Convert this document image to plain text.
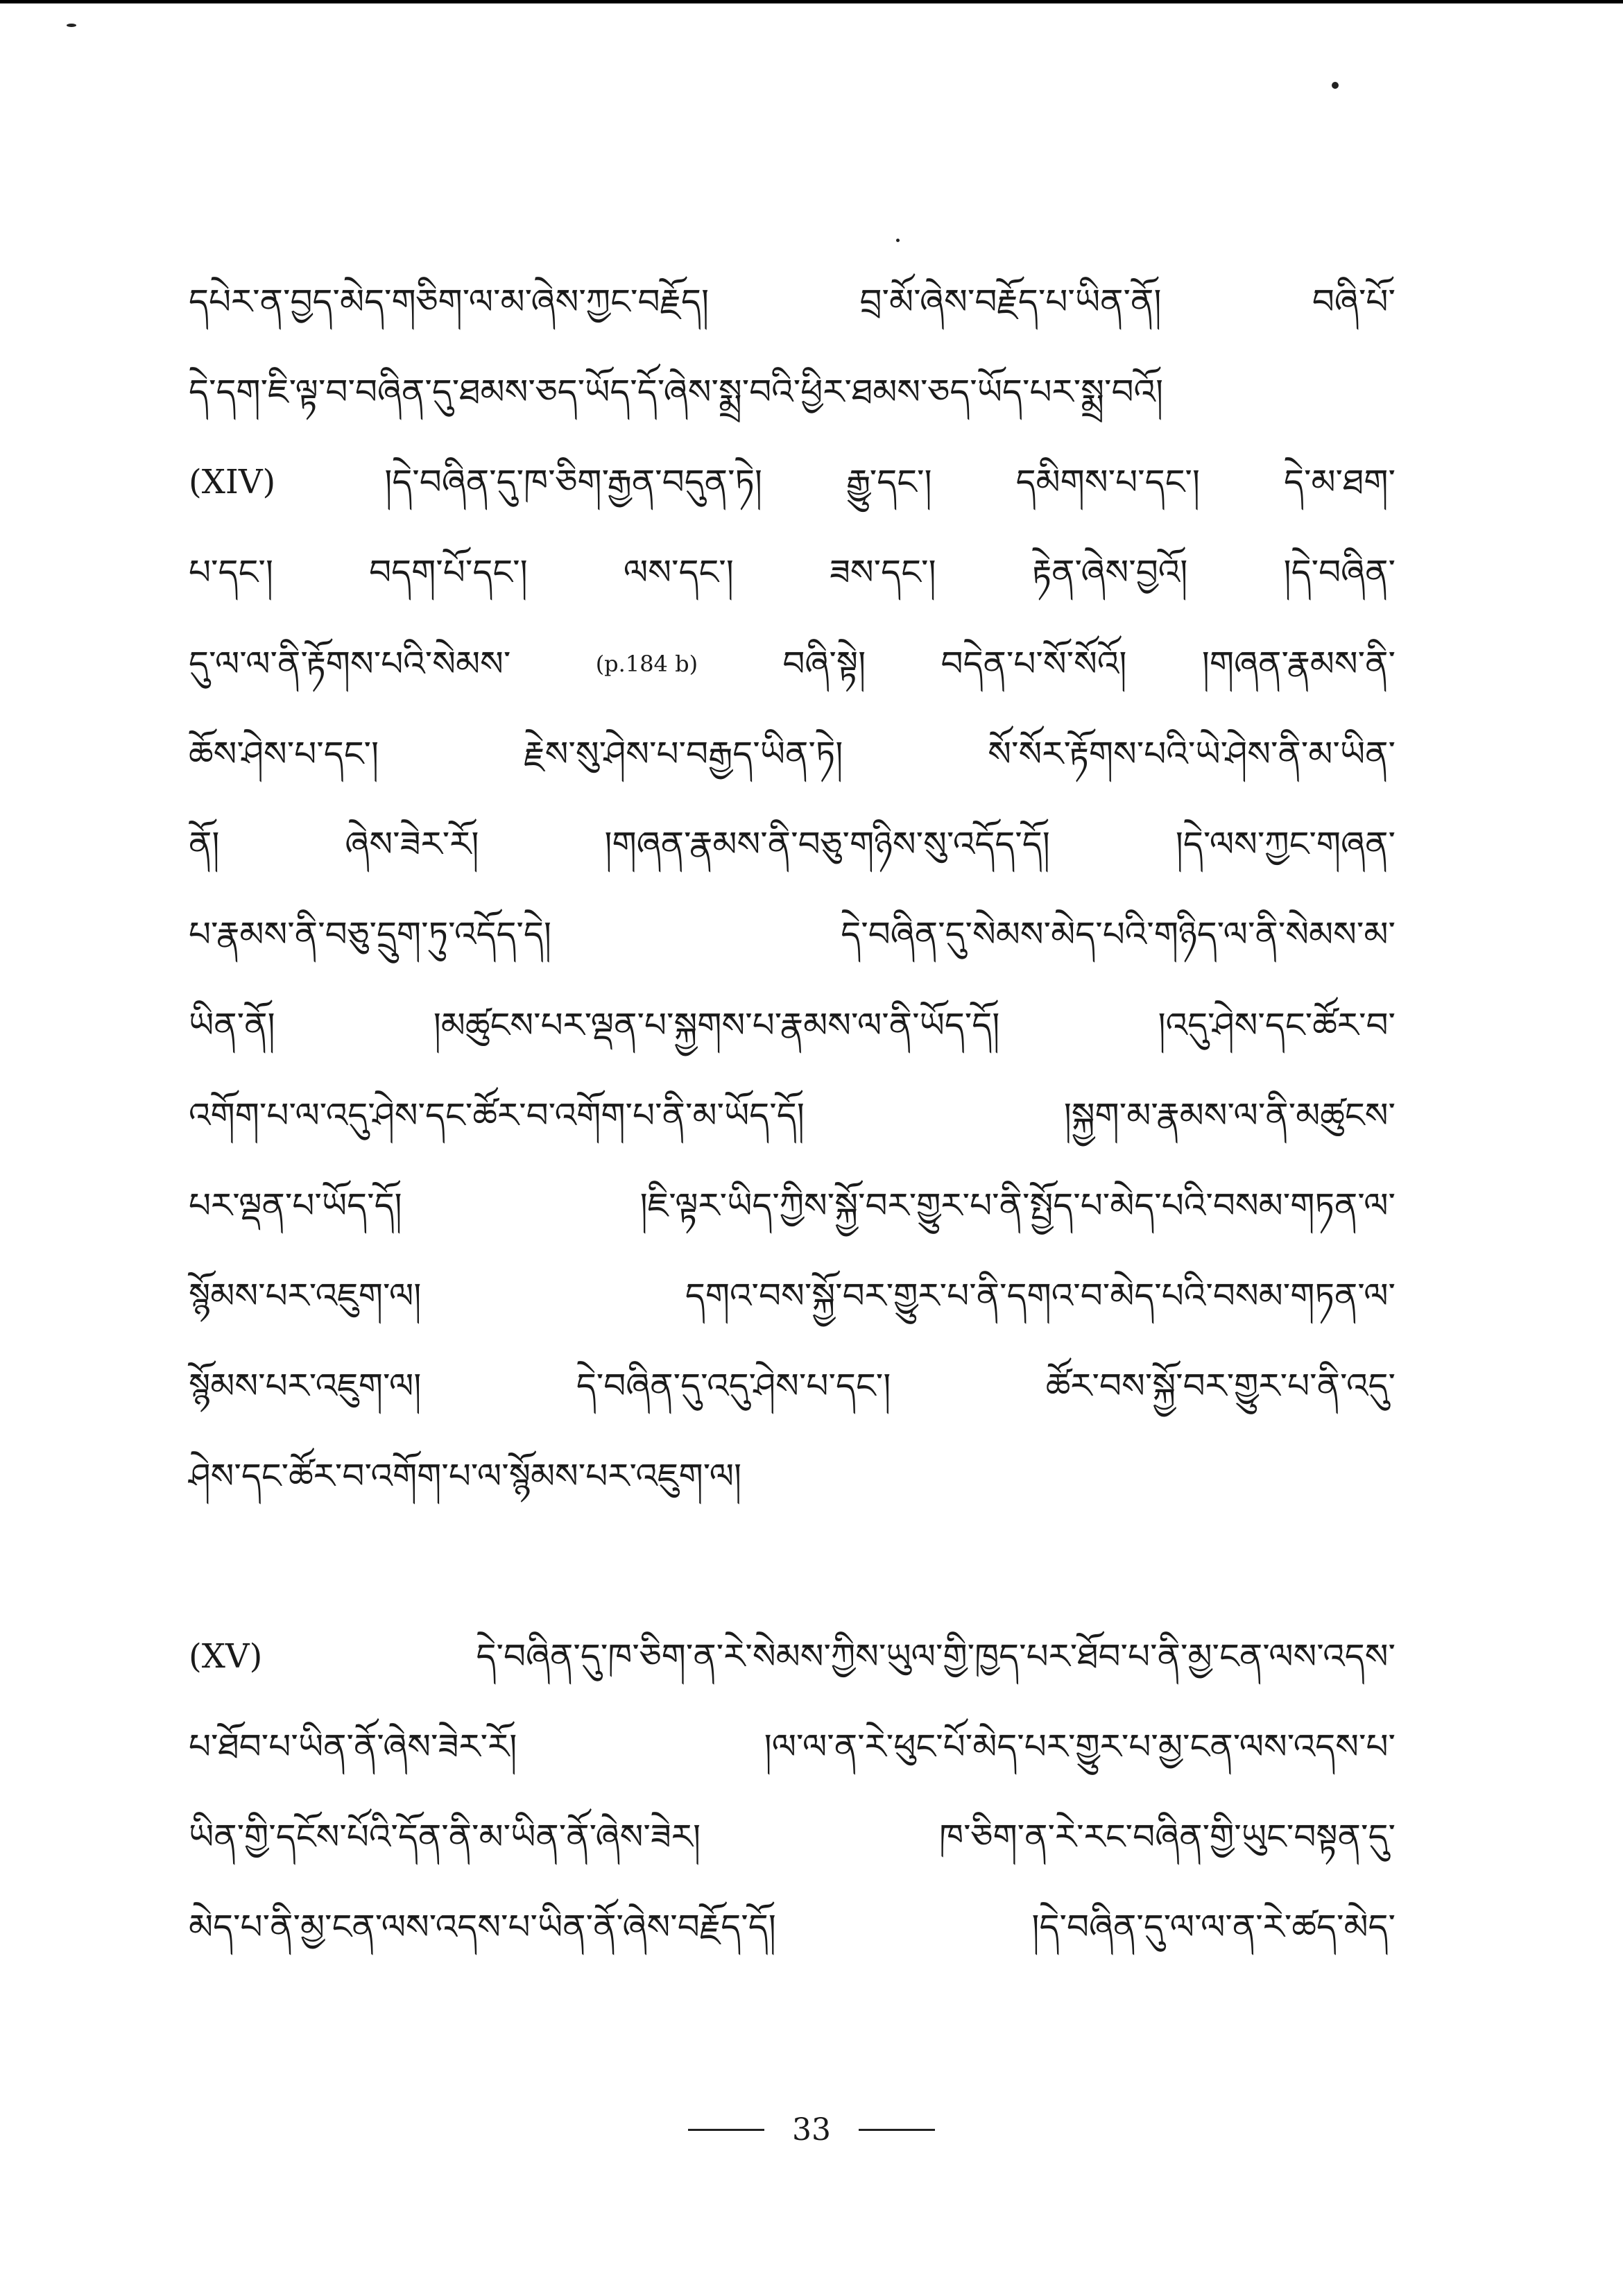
དཔེར་ན་བྱད་མེད་གཅིག་ལ་མ་ཞེས་ཀྱང་བརྗོད།	བྲ་མོ་ཞེས་བརྗོད་པ་ཡིན་ནོ།	བཞི་པོ་
དེ་དག་ཇི་ལྟ་བ་བཞིན་དུ་ཐམས་ཅད་ཡོད་དོ་ཞེས་སྨྲ་བའི་ཕྱིར་ཐམས་ཅད་ཡོད་པར་སྨྲ་བའོ།
(XIV)	།དེ་བཞིན་དུ་ཁ་ཅིག་རྒྱན་བདུན་ཏེ། རྒྱུ་དང་། དམིགས་པ་དང་། དེ་མ་ཐག་
པ་དང་།	བདག་པོ་དང་།	ལས་དང་།	ཟས་དང་།	རྟེན་ཞེས་བྱའོ།	།དེ་བཞིན་
དུ་ལ་ལ་ནི་རྟོགས་པའི་སེམས་	(p.184 b) བཞི་སྟེ། བདེན་པ་སོ་སོའོ། །གཞན་རྣམས་ནི་
ཆོས་ཤེས་པ་དང་།	རྗེས་སུ་ཤེས་པ་བརྒྱད་ཡིན་ཏེ།	སོ་སོར་རྟོགས་པའི་ཡེ་ཤེས་ནི་མ་ཡིན་
ནོ།	ཞེས་ཟེར་རོ།	།གཞན་རྣམས་ནི་བཅུ་གཉིས་སུ་འདོད་དོ།	།དེ་ལས་ཀྱང་གཞན་
པ་རྣམས་ནི་བཅུ་དྲུག་ཏུ་འདོད་དེ།	དེ་བཞིན་དུ་སེམས་མེད་པའི་གཉིད་ལ་ནི་སེམས་མ་
ཡིན་ནོ།	།མཚུངས་པར་ལྡན་པ་སྐྱགས་པ་རྣམས་ལ་ནི་ཡོད་དོ།	།འདུ་ཤེས་དང་ཚོར་བ་
འགོག་པ་ལ་འདུ་ཤེས་དང་ཚོར་བ་འགོག་པ་ནི་མ་ཡོད་དོ།	།སྐྱག་མ་རྣམས་ལ་ནི་མཚུངས་
པར་ལྡན་པ་ཡོད་དོ།	།ཇི་ལྟར་ཡིད་ཀྱིས་སྐྱོ་བར་གྱུར་པ་ནི་སྤྱོད་པ་མེད་པའི་བསམ་གཏན་ལ་
སྙོམས་པར་འཇུག་ལ།	དགའ་བས་སྐྱོ་བར་གྱུར་པ་ནི་དགའ་བ་མེད་པའི་བསམ་གཏན་ལ་
སྙོམས་པར་འཇུག་ལ།	དེ་བཞིན་དུ་འདུ་ཤེས་པ་དང་།	ཚོར་བས་སྐྱོ་བར་གྱུར་པ་ནི་འདུ་
ཤེས་དང་ཚོར་བ་འགོག་པ་ལ་སྙོམས་པར་འཇུག་ལ།
(XV)	དེ་བཞིན་དུ་ཁ་ཅིག་ན་རེ་སེམས་ཀྱིས་ཡུལ་གྱི་ཁྱད་པར་ཐོབ་པ་ནི་མྱ་ངན་ལས་འདས་
པ་ཐོབ་པ་ཡིན་ནོ་ཞེས་ཟེར་རོ།	།ལ་ལ་ན་རེ་ཕུང་པོ་མེད་པར་གྱུར་པ་མྱ་ངན་ལས་འདས་པ་
ཡིན་གྱི་དངོས་པོའི་དོན་ནི་མ་ཡིན་ནོ་ཞེས་ཟེར།	ཁ་ཅིག་ན་རེ་རང་བཞིན་གྱི་ཡུང་བསྟན་དུ་
མེད་པ་ནི་མྱ་ངན་ལས་འདས་པ་ཡིན་ནོ་ཞེས་བརྗོད་དོ།	།དེ་བཞིན་དུ་ལ་ལ་ན་རེ་ཚད་མེད་
33
